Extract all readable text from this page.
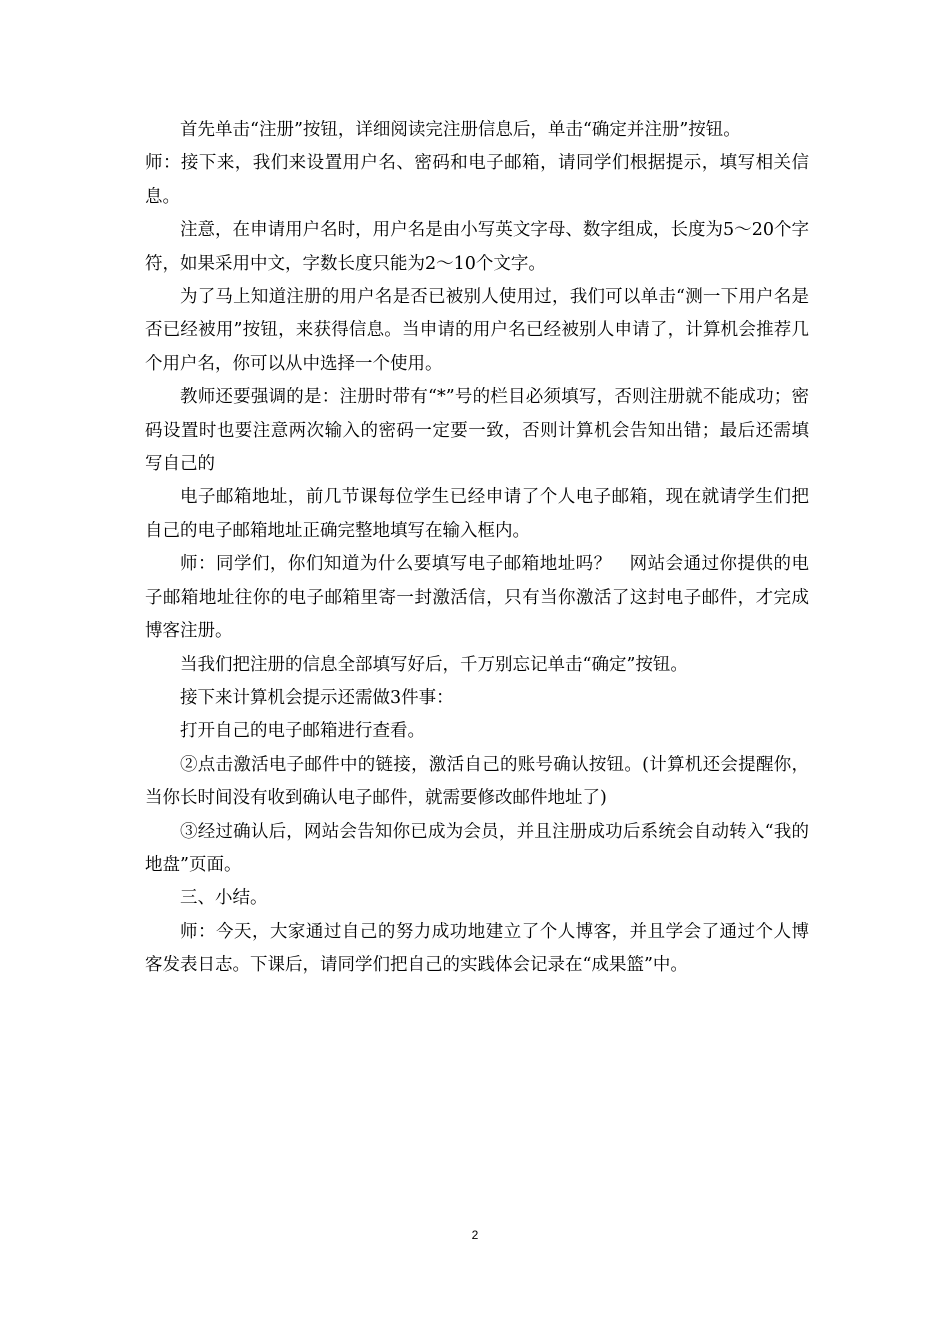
首先单击“注册”按钮，详细阅读完注册信息后，单击“确定并注册”按钮。

师：接下来，我们来设置用户名、密码和电子邮箱，请同学们根据提示，填写相关信息。

注意，在申请用户名时，用户名是由小写英文字母、数字组成，长度为5～20个字符，如果采用中文，字数长度只能为2～10个文字。

为了马上知道注册的用户名是否已被别人使用过，我们可以单击“测一下用户名是否已经被用”按钮，来获得信息。当申请的用户名已经被别人申请了，计算机会推荐几个用户名，你可以从中选择一个使用。

教师还要强调的是：注册时带有“*”号的栏目必须填写，否则注册就不能成功；密码设置时也要注意两次输入的密码一定要一致，否则计算机会告知出错；最后还需填写自己的

电子邮箱地址，前几节课每位学生已经申请了个人电子邮箱，现在就请学生们把自己的电子邮箱地址正确完整地填写在输入框内。

师：同学们，你们知道为什么要填写电子邮箱地址吗？　网站会通过你提供的电子邮箱地址往你的电子邮箱里寄一封激活信，只有当你激活了这封电子邮件，才完成博客注册。

当我们把注册的信息全部填写好后，千万别忘记单击“确定”按钮。

接下来计算机会提示还需做3件事：

打开自己的电子邮箱进行查看。

②点击激活电子邮件中的链接，激活自己的账号确认按钮。(计算机还会提醒你，当你长时间没有收到确认电子邮件，就需要修改邮件地址了)

③经过确认后，网站会告知你已成为会员，并且注册成功后系统会自动转入“我的地盘”页面。

三、小结。

师：今天，大家通过自己的努力成功地建立了个人博客，并且学会了通过个人博客发表日志。下课后，请同学们把自己的实践体会记录在“成果篮”中。

2
